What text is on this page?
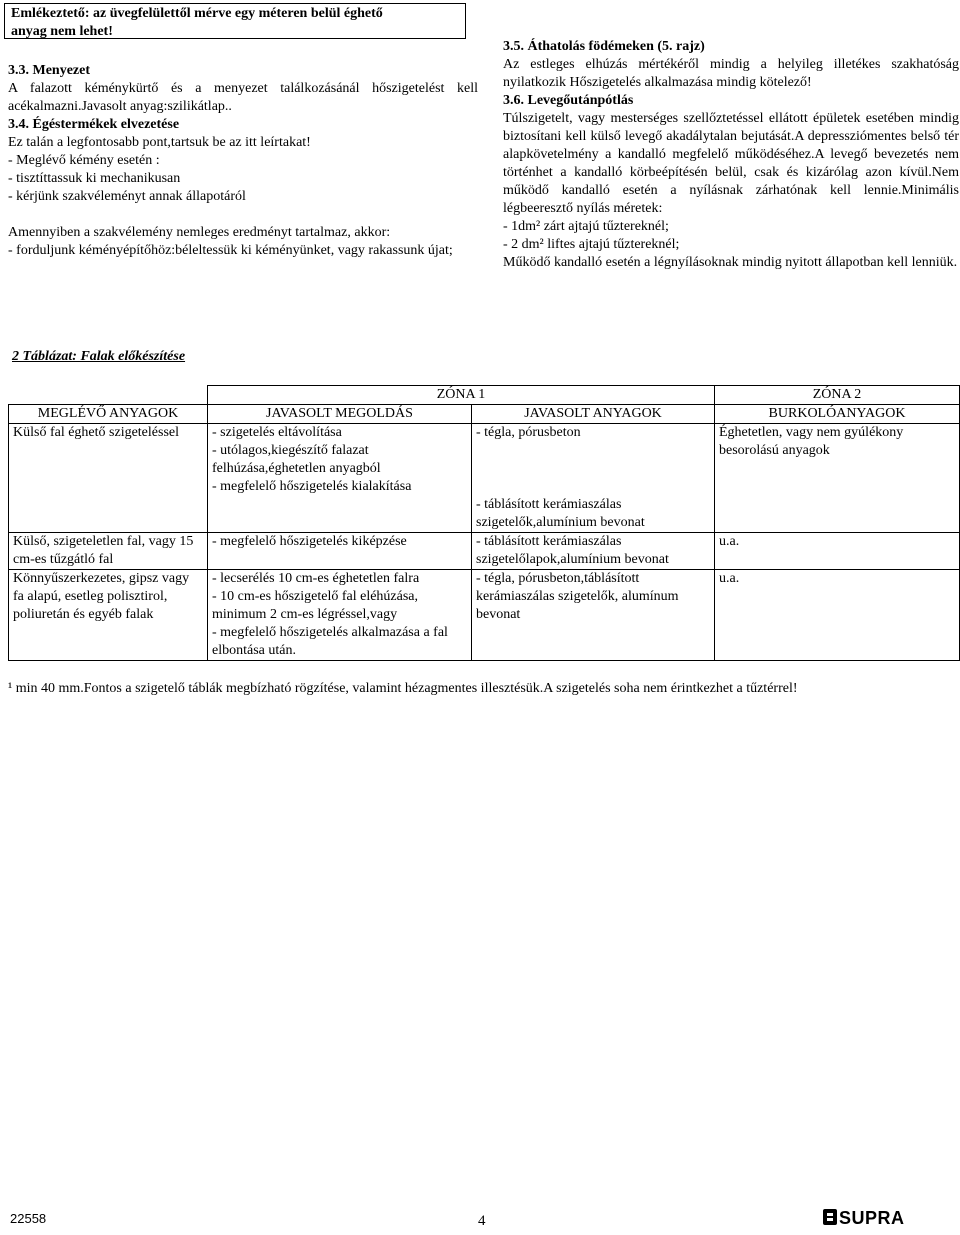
Emlékeztető: az üvegfelülettől mérve egy méteren belül éghető
anyag nem lehet!

3.3. Menyezet

A falazott kéménykürtő és a menyezet találkozásánál hőszigetelést kell acékalmazni.Javasolt anyag:szilikátlap..

3.4. Égéstermékek elvezetése

Ez talán a legfontosabb pont,tartsuk be az itt leírtakat!

- Meglévő kémény esetén :

- tisztíttassuk ki mechanikusan

- kérjünk szakvéleményt annak állapotáról

Amennyiben a szakvélemény nemleges eredményt tartalmaz, akkor:

- forduljunk kéményépítőhöz:béleltessük ki kéményünket, vagy rakassunk újat;

3.5. Áthatolás födémeken (5. rajz)

Az estleges elhúzás mértékéről mindig a helyileg illetékes szakhatóság nyilatkozik Hőszigetelés alkalmazása mindig kötelező!

3.6. Levegőutánpótlás

Túlszigetelt, vagy mesterséges szellőztetéssel ellátott épületek esetében mindig biztosítani kell külső levegő akadálytalan bejutását.A depressziómentes belső tér alapkövetelmény a kandalló megfelelő működéséhez.A levegő bevezetés nem történhet a kandalló körbeépítésén belül, csak és kizárólag azon kívül.Nem működő kandalló esetén a nyílásnak zárhatónak kell lennie.Minimális légbeeresztő nyílás méretek:

- 1dm² zárt ajtajú tűztereknél;

- 2 dm² liftes ajtajú tűztereknél;

Működő kandalló esetén a légnyílásoknak mindig nyitott állapotban kell lenniük.

2 Táblázat: Falak előkészítése
	ZÓNA 1		ZÓNA 2
MEGLÉVŐ ANYAGOK	JAVASOLT MEGOLDÁS	JAVASOLT ANYAGOK	BURKOLÓANYAGOK

Külső fal éghető szigeteléssel	- szigetelés eltávolítása
- utólagos,kiegészítő falazat felhúzása,éghetetlen anyagból
- megfelelő hőszigetelés kialakítása	- tégla, pórusbeton
- táblásított kerámiaszálas szigetelők,alumínium bevonat	Éghetetlen, vagy nem gyúlékony besorolású anyagok

Külső, szigeteletlen fal, vagy 15 cm-es tűzgátló fal	- megfelelő hőszigetelés kiképzése	- táblásított kerámiaszálas szigetelőlapok,alumínium bevonat	u.a.

Könnyűszerkezetes, gipsz vagy fa alapú, esetleg polisztirol, poliuretán és egyéb falak	- lecserélés 10 cm-es éghetetlen falra
- 10 cm-es hőszigetelő fal eléhúzása, minimum 2 cm-es légréssel,vagy
- megfelelő hőszigetelés alkalmazása a fal elbontása után.	- tégla, pórusbeton,táblásított kerámiaszálas szigetelők, alumínum bevonat	u.a.
¹ min 40 mm.Fontos a szigetelő táblák megbízható rögzítése, valamint hézagmentes illesztésük.A szigetelés soha nem érintkezhet a tűztérrel!
22558	4	SUPRA
